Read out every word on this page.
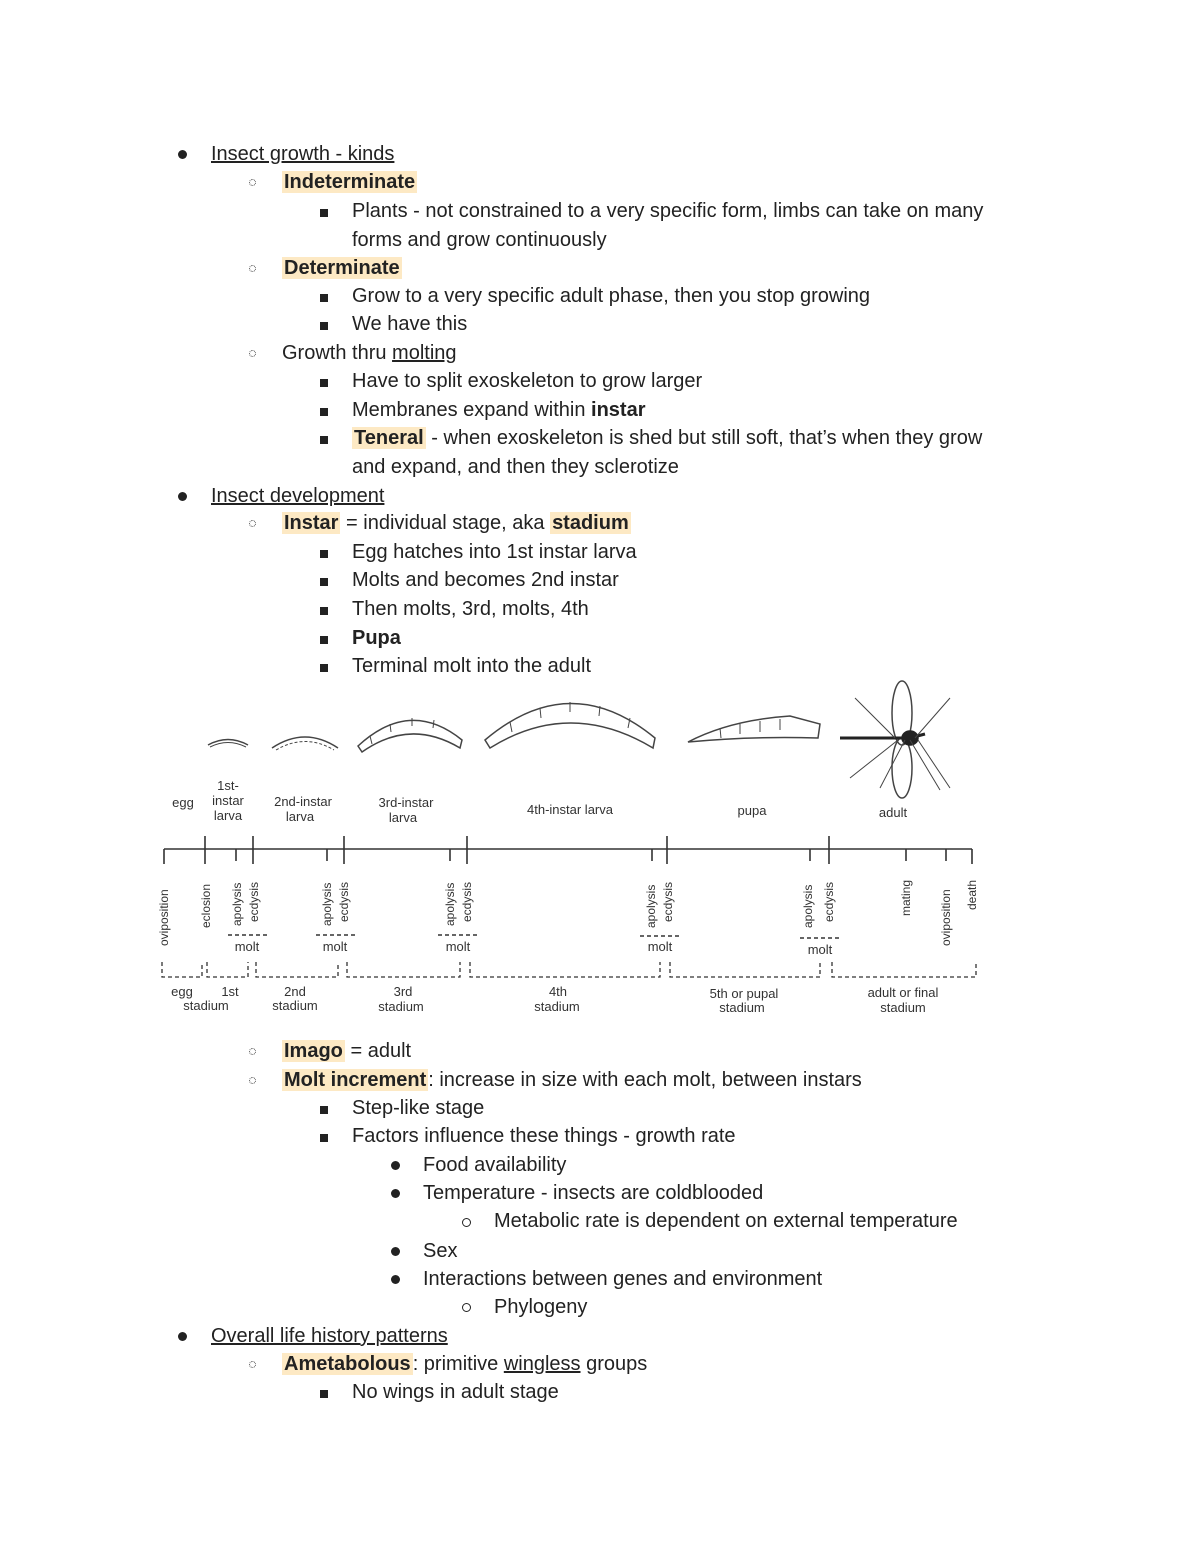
Insect growth - kinds
Indeterminate
Plants - not constrained to a very specific form, limbs can take on many
forms and grow continuously
Determinate
Grow to a very specific adult phase, then you stop growing
We have this
Growth thru molting
Have to split exoskeleton to grow larger
Membranes expand within instar
Teneral - when exoskeleton is shed but still soft, that’s when they grow
and expand, and then they sclerotize
Insect development
Instar = individual stage, aka stadium
Egg hatches into 1st instar larva
Molts and becomes 2nd instar
Then molts, 3rd, molts, 4th
Pupa
Terminal molt into the adult
egg
1st-
instar
larva
2nd-instar
larva
3rd-instar
larva
4th-instar larva	pupa	adult
oviposition eclosion apolysis ecdysis	apolysis ecdysis	apolysis ecdysis	apolysis ecdysis	apolysis ecdysis	mating oviposition death
molt	molt	molt	molt	molt
egg
stadium
1st	2nd
stadium
3rd
stadium
4th
stadium
5th or pupal
stadium
adult or final
stadium
Imago = adult
Molt increment : increase in size with each molt, between instars
Step-like stage
Factors influence these things - growth rate
Food availability
Temperature - insects are coldblooded
Metabolic rate is dependent on external temperature
Sex
Interactions between genes and environment
Phylogeny
Overall life history patterns
Ametabolous : primitive wingless groups
No wings in adult stage
